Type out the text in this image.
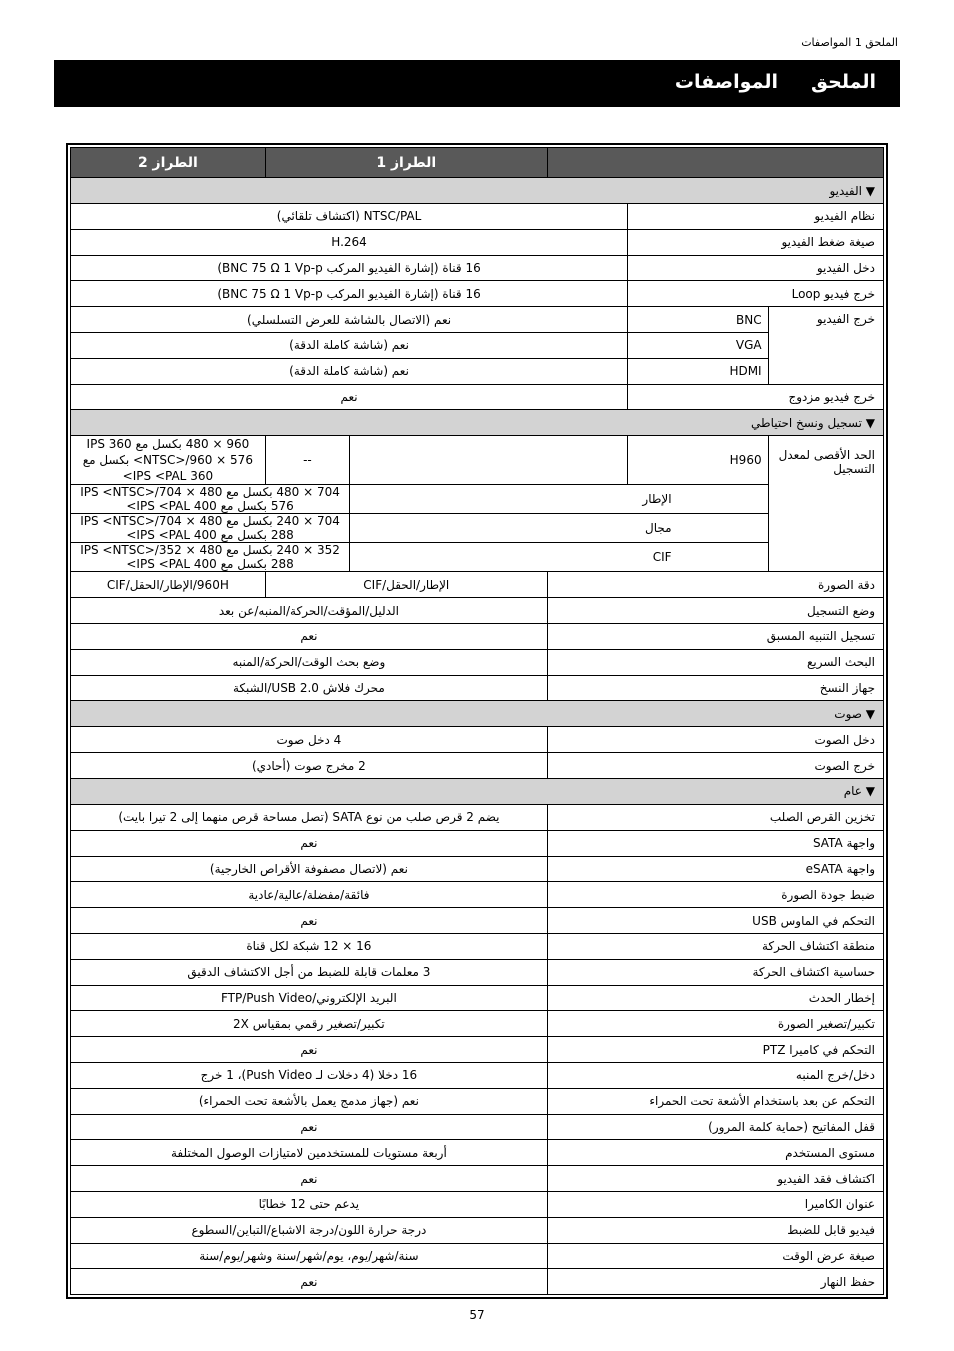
الملحق 1 المواصفات
الملحق     المواصفات
			الطراز 1		الطراز 2
▼ الفيديو					
نظام الفيديو		NTSC/PAL (اكتشاف تلقائي)			
صيغة ضغط الفيديو		H.264			
دخل الفيديو		16 قناة (إشارة الفيديو المركب BNC 75 Ω 1 Vp-p)			
خرج فيديو Loop		16 قناة (إشارة الفيديو المركب BNC 75 Ω 1 Vp-p)			
خرج الفيديو	BNC	نعم (الاتصال بالشاشة للعرض التسلسلي)			
	VGA	نعم (شاشة كاملة الدقة)			
	HDMI	نعم (شاشة كاملة الدقة)			
خرج فيديو مزدوج		نعم			
▼ تسجيل ونسخ احتياطي					
الحد الأقصى لمعدل التسجيل	H960			--	960 × 480 بكسل مع 360 IPS <NTSC>/960 × 576 بكسل مع 360 IPS <PAL>
	الإطار			704 × 480 بكسل مع 480 IPS <NTSC>/704 × 576 بكسل مع 400 IPS <PAL>	
	مجال			704 × 240 بكسل مع 480 IPS <NTSC>/704 × 288 بكسل مع 400 IPS <PAL>	
	CIF			352 × 240 بكسل مع 480 IPS <NTSC>/352 × 288 بكسل مع 400 IPS <PAL>	
دقة الصورة			الإطار/الحقل/CIF		960H/الإطار/الحقل/CIF
وضع التسجيل			الدليل/المؤقت/الحركة/المنبه/عن بعد		
تسجيل التنبيه المسبق			نعم		
البحث السريع			وضع بحث الوقت/الحركة/المنبه		
جهاز النسخ			محرك فلاش USB 2.0/الشبكة		
▼ صوت					
دخل الصوت			4 دخل صوت		
خرج الصوت			2 مخرج صوت (أحادي)		
▼ عام					
تخزين القرص الصلب			يضم 2 قرص صلب من نوع SATA (تصل مساحة قرص منهما إلى 2 تيرا بايت)		
واجهة SATA			نعم		
واجهة eSATA			نعم (لاتصال مصفوفة الأقراص الخارجية)		
ضبط جودة الصورة			فائقة/مفضلة/عالية/عادية		
التحكم في الماوس USB			نعم		
منطقة اكتشاف الحركة			16 × 12 شبكة لكل قناة		
حساسية اكتشاف الحركة			3 معلمات قابلة للضبط من أجل الاكتشاف الدقيق		
إخطار الحدث			البريد الإلكتروني/FTP/Push Video		
تكبير/تصغير الصورة			تكبير/تصغير رقمي بمقياس 2X		
التحكم في كاميرا PTZ			نعم		
دخل/خرج المنبه			16 دخلا (4 دخلات لـ Push Video)، 1 خرج		
التحكم عن بعد باستخدام الأشعة تحت الحمراء			نعم (جهاز مدمج يعمل بالأشعة تحت الحمراء)		
قفل المفاتيح (حماية كلمة المرور)			نعم		
مستوى المستخدم			أربعة مستويات للمستخدمين لامتيازات الوصول المختلفة		
اكتشاف فقد الفيديو			نعم		
عنوان الكاميرا			يدعم حتى 12 خطابًا		
فيديو قابل للضبط			درجة حرارة اللون/درجة الاشباع/التباين/السطوع		
صيغة عرض الوقت			سنة/شهر/يوم، يوم/شهر/سنة وشهر/يوم/سنة		
حفظ النهار			نعم		
57
